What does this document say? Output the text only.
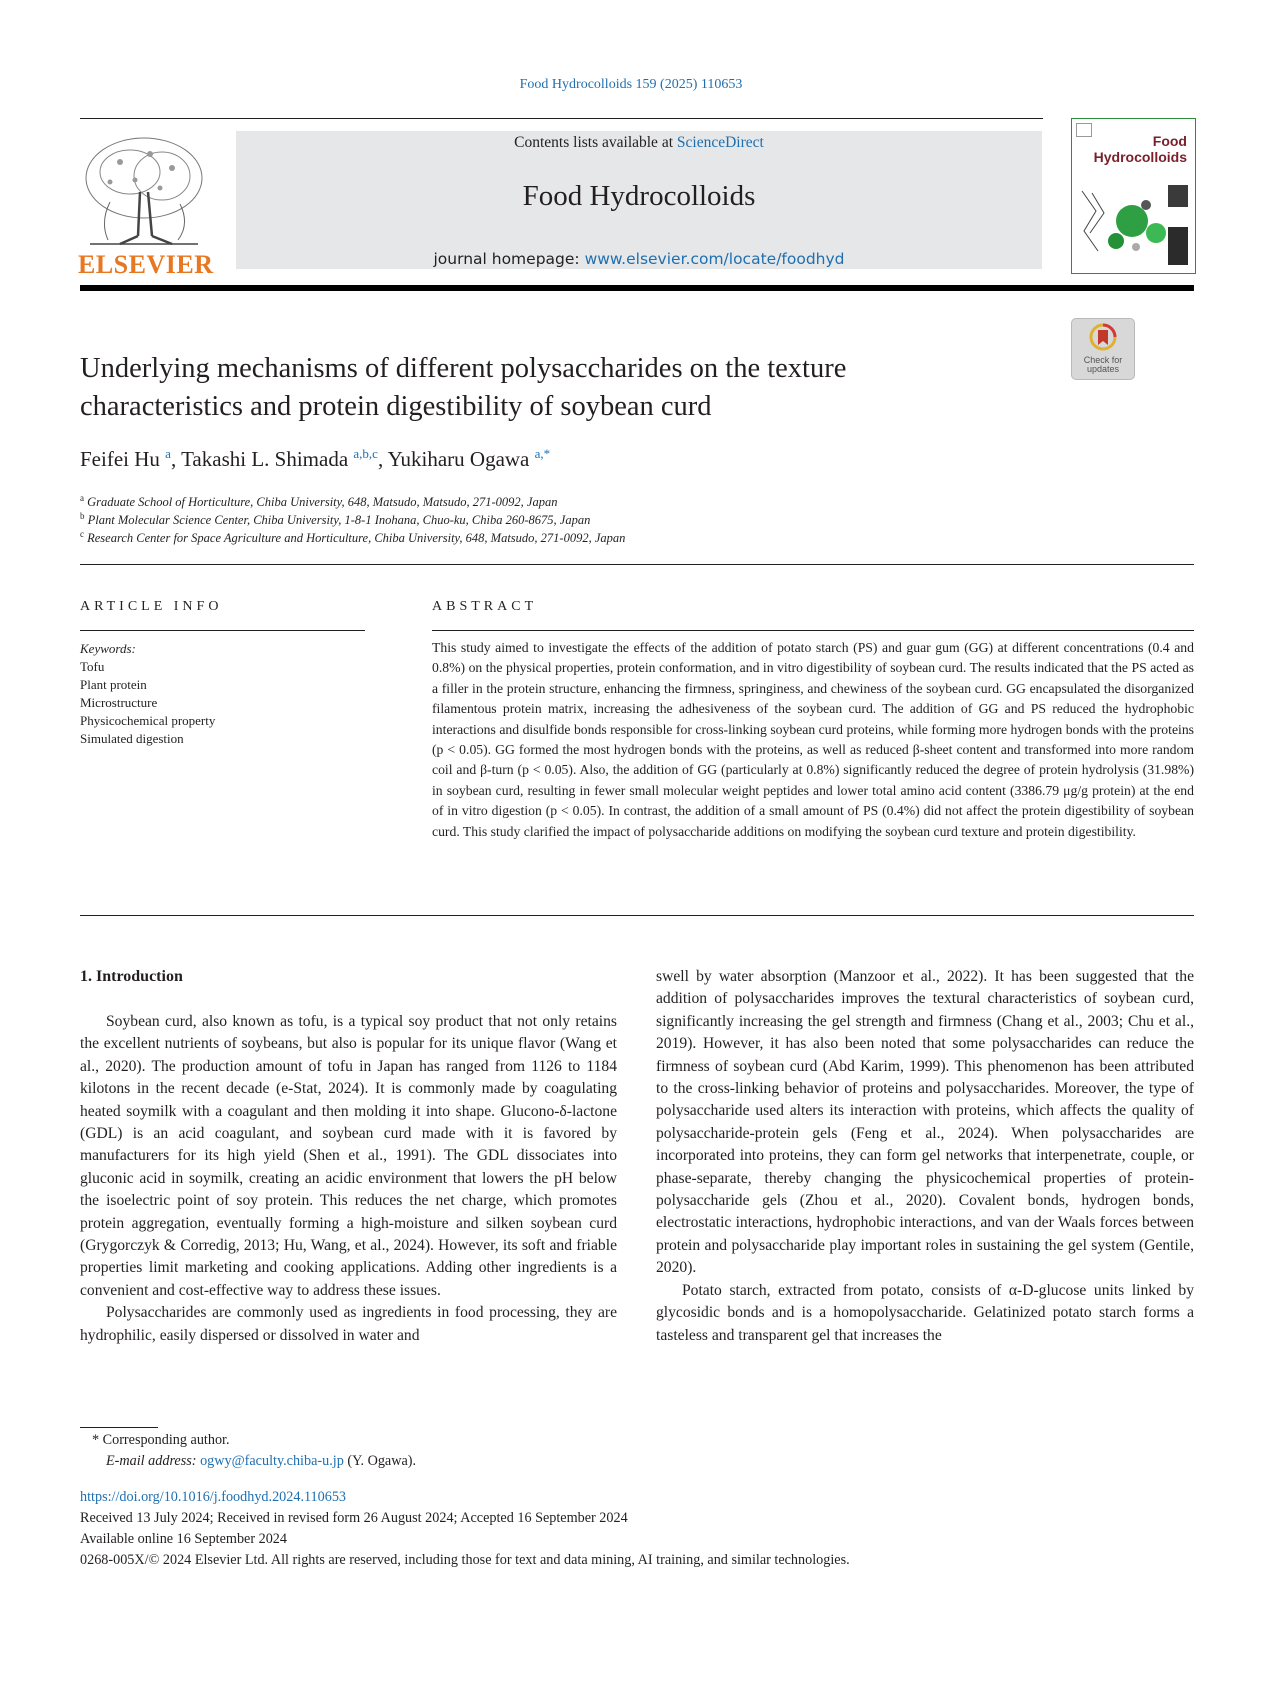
Food Hydrocolloids 159 (2025) 110653
ELSEVIER
Contents lists available at ScienceDirect
Food Hydrocolloids
journal homepage: www.elsevier.com/locate/foodhyd
Food
Hydrocolloids
Check for
updates
Underlying mechanisms of different polysaccharides on the texture
characteristics and protein digestibility of soybean curd
Feifei Hu $^a$, Takashi L. Shimada $^{a,b,c}$, Yukiharu Ogawa $^{a,*}$
$^a$ Graduate School of Horticulture, Chiba University, 648, Matsudo, Matsudo, 271-0092, Japan
$^b$ Plant Molecular Science Center, Chiba University, 1-8-1 Inohana, Chuo-ku, Chiba 260-8675, Japan
$^c$ Research Center for Space Agriculture and Horticulture, Chiba University, 648, Matsudo, 271-0092, Japan
ARTICLE INFO
Keywords:
Tofu
Plant protein
Microstructure
Physicochemical property
Simulated digestion
ABSTRACT
This study aimed to investigate the effects of the addition of potato starch (PS) and guar gum (GG) at different concentrations (0.4 and 0.8%) on the physical properties, protein conformation, and in vitro digestibility of soybean curd. The results indicated that the PS acted as a filler in the protein structure, enhancing the firmness, springiness, and chewiness of the soybean curd. GG encapsulated the disorganized filamentous protein matrix, increasing the adhesiveness of the soybean curd. The addition of GG and PS reduced the hydrophobic interactions and disulfide bonds responsible for cross-linking soybean curd proteins, while forming more hydrogen bonds with the proteins (p < 0.05). GG formed the most hydrogen bonds with the proteins, as well as reduced β-sheet content and transformed into more random coil and β-turn (p < 0.05). Also, the addition of GG (particularly at 0.8%) significantly reduced the degree of protein hydrolysis (31.98%) in soybean curd, resulting in fewer small molecular weight peptides and lower total amino acid content (3386.79 μg/g protein) at the end of in vitro digestion (p < 0.05). In contrast, the addition of a small amount of PS (0.4%) did not affect the protein digestibility of soybean curd. This study clarified the impact of polysaccharide additions on modifying the soybean curd texture and protein digestibility.
1. Introduction

Soybean curd, also known as tofu, is a typical soy product that not only retains the excellent nutrients of soybeans, but also is popular for its unique flavor (Wang et al., 2020). The production amount of tofu in Japan has ranged from 1126 to 1184 kilotons in the recent decade (e-Stat, 2024). It is commonly made by coagulating heated soymilk with a coagulant and then molding it into shape. Glucono-δ-lactone (GDL) is an acid coagulant, and soybean curd made with it is favored by manufacturers for its high yield (Shen et al., 1991). The GDL dissociates into gluconic acid in soymilk, creating an acidic environment that lowers the pH below the isoelectric point of soy protein. This reduces the net charge, which promotes protein aggregation, eventually forming a high-moisture and silken soybean curd (Grygorczyk & Corredig, 2013; Hu, Wang, et al., 2024). However, its soft and friable properties limit marketing and cooking applications. Adding other ingredients is a convenient and cost-effective way to address these issues.

Polysaccharides are commonly used as ingredients in food processing, they are hydrophilic, easily dispersed or dissolved in water and

swell by water absorption (Manzoor et al., 2022). It has been suggested that the addition of polysaccharides improves the textural characteristics of soybean curd, significantly increasing the gel strength and firmness (Chang et al., 2003; Chu et al., 2019). However, it has also been noted that some polysaccharides can reduce the firmness of soybean curd (Abd Karim, 1999). This phenomenon has been attributed to the cross-linking behavior of proteins and polysaccharides. Moreover, the type of polysaccharide used alters its interaction with proteins, which affects the quality of polysaccharide-protein gels (Feng et al., 2024). When polysaccharides are incorporated into proteins, they can form gel networks that interpenetrate, couple, or phase-separate, thereby changing the physicochemical properties of protein-polysaccharide gels (Zhou et al., 2020). Covalent bonds, hydrogen bonds, electrostatic interactions, hydrophobic interactions, and van der Waals forces between protein and polysaccharide play important roles in sustaining the gel system (Gentile, 2020).

Potato starch, extracted from potato, consists of α-D-glucose units linked by glycosidic bonds and is a homopolysaccharide. Gelatinized potato starch forms a tasteless and transparent gel that increases the

* Corresponding author.
E-mail address: ogwy@faculty.chiba-u.jp (Y. Ogawa).
https://doi.org/10.1016/j.foodhyd.2024.110653
Received 13 July 2024; Received in revised form 26 August 2024; Accepted 16 September 2024
Available online 16 September 2024
0268-005X/© 2024 Elsevier Ltd. All rights are reserved, including those for text and data mining, AI training, and similar technologies.
